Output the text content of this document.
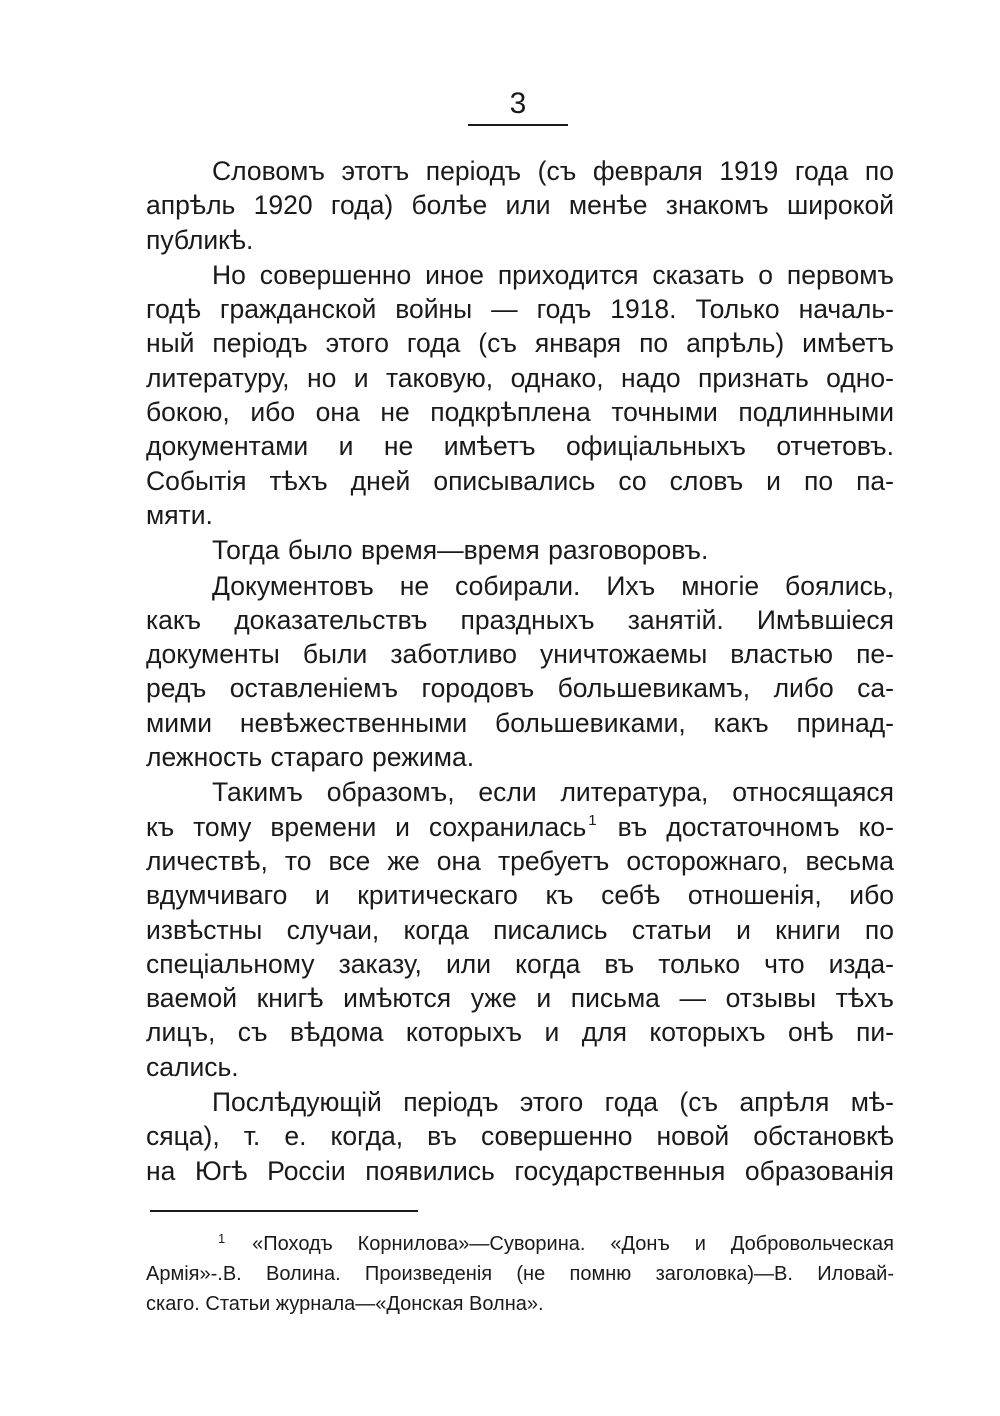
3
Словомъ этотъ періодъ (съ февраля 1919 года по
апрѣль 1920 года) болѣе или менѣе знакомъ широкой
публикѣ.
Но совершенно иное приходится сказать о первомъ
годѣ гражданской войны — годъ 1918. Только началь-
ный періодъ этого года (съ января по апрѣль) имѣетъ
литературу, но и таковую, однако, надо признать одно-
бокою, ибо она не подкрѣплена точными подлинными
документами и не имѣетъ офиціальныхъ отчетовъ.
Событія тѣхъ дней описывались со словъ и по па-
мяти.
Тогда было время—время разговоровъ.
Документовъ не собирали. Ихъ многіе боялись,
какъ доказательствъ праздныхъ занятій. Имѣвшіеся
документы были заботливо уничтожаемы властью пе-
редъ оставленіемъ городовъ большевикамъ, либо са-
мими невѣжественными большевиками, какъ принад-
лежность стараго режима.
Такимъ образомъ, если литература, относящаяся
къ тому времени и сохранилась $^1$ въ достаточномъ ко-
личествѣ, то все же она требуетъ осторожнаго, весьма
вдумчиваго и критическаго къ себѣ отношенія, ибо
извѣстны случаи, когда писались статьи и книги по
спеціальному заказу, или когда въ только что изда-
ваемой книгѣ имѣются уже и письма — отзывы тѣхъ
лицъ, съ вѣдома которыхъ и для которыхъ онѣ пи-
сались.
Послѣдующій періодъ этого года (съ апрѣля мѣ-
сяца), т. е. когда, въ совершенно новой обстановкѣ
на Югѣ Россіи появились государственныя образованія
$^1$ «Походъ Корнилова»—Суворина. «Донъ и Добровольческая
Армія»-.В. Волина. Произведенія (не помню заголовка)—В. Иловай-
скаго. Статьи журнала—«Донская Волна».
